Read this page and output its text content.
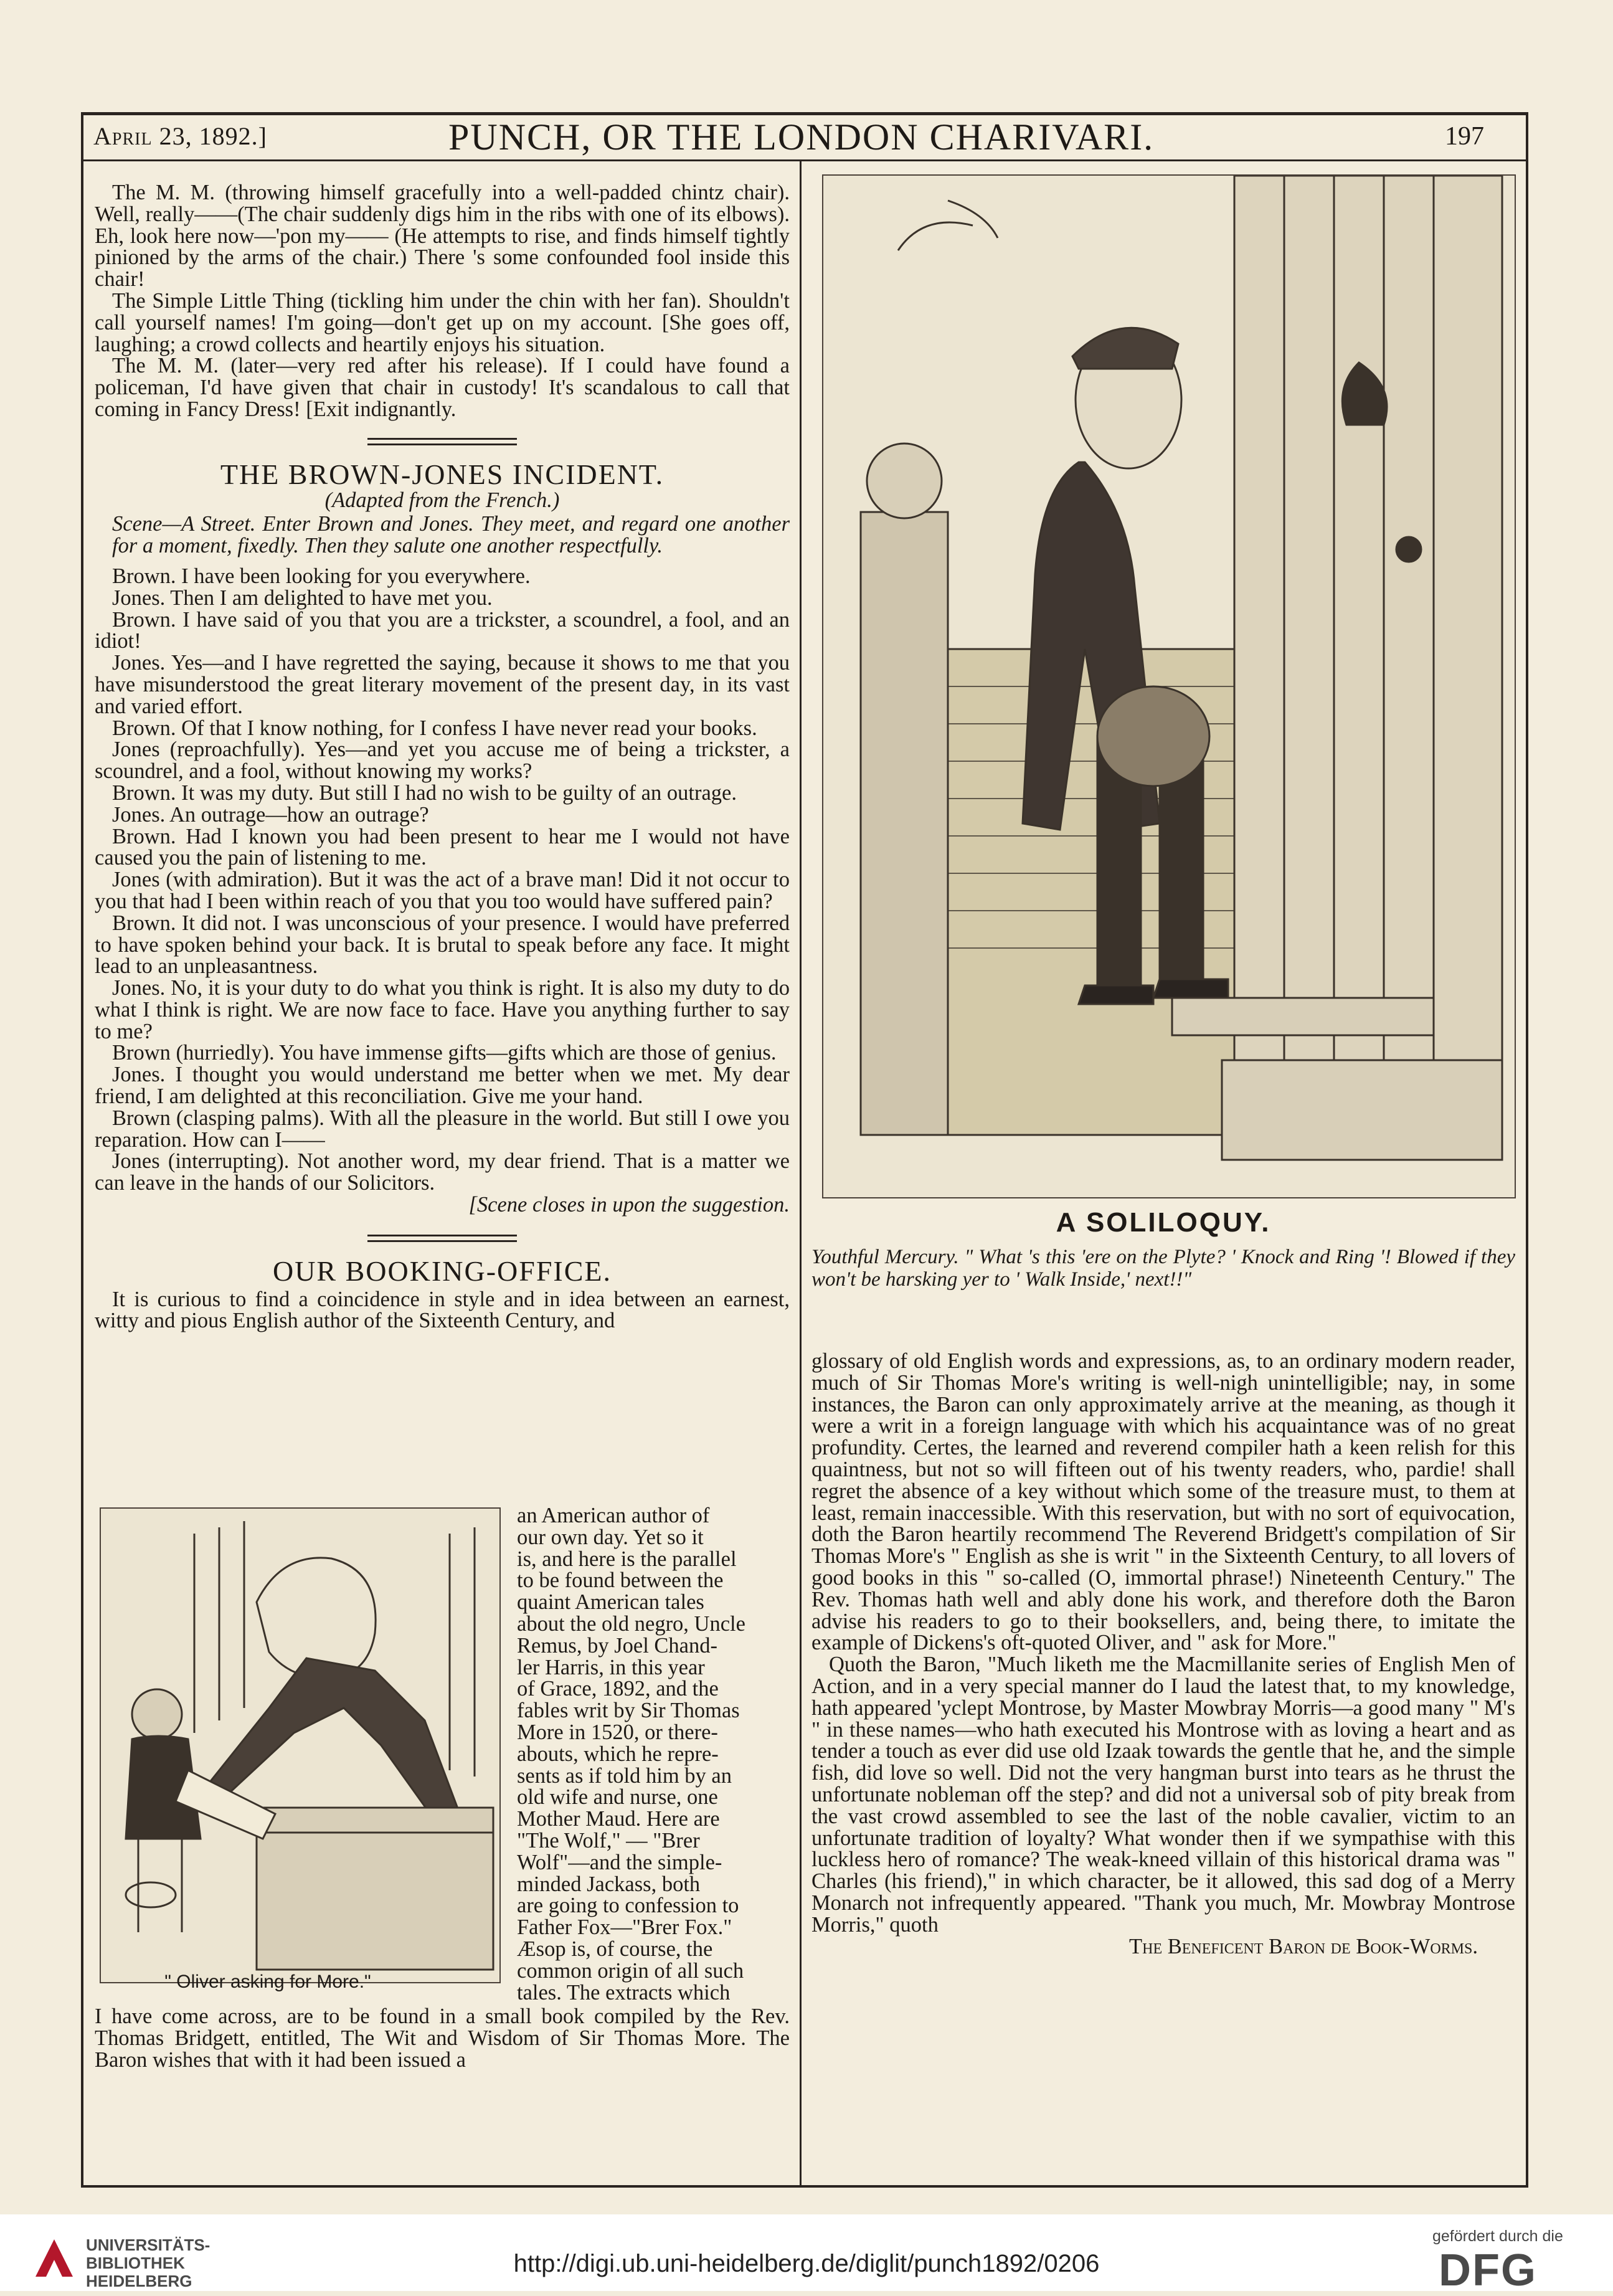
April 23, 1892.]	PUNCH, OR THE LONDON CHARIVARI.	197

The M. M. (throwing himself gracefully into a well-padded chintz chair). Well, really——(The chair suddenly digs him in the ribs with one of its elbows). Eh, look here now—'pon my—— (He attempts to rise, and finds himself tightly pinioned by the arms of the chair.) There 's some confounded fool inside this chair!

The Simple Little Thing (tickling him under the chin with her fan). Shouldn't call yourself names! I'm going—don't get up on my account. [She goes off, laughing; a crowd collects and heartily enjoys his situation.

The M. M. (later—very red after his release). If I could have found a policeman, I'd have given that chair in custody! It's scandalous to call that coming in Fancy Dress! [Exit indignantly.

THE BROWN-JONES INCIDENT.

(Adapted from the French.)

Scene—A Street. Enter Brown and Jones. They meet, and regard one another for a moment, fixedly. Then they salute one another respectfully.

Brown. I have been looking for you everywhere.

Jones. Then I am delighted to have met you.

Brown. I have said of you that you are a trickster, a scoundrel, a fool, and an idiot!

Jones. Yes—and I have regretted the saying, because it shows to me that you have misunderstood the great literary movement of the present day, in its vast and varied effort.

Brown. Of that I know nothing, for I confess I have never read your books.

Jones (reproachfully). Yes—and yet you accuse me of being a trickster, a scoundrel, and a fool, without knowing my works?

Brown. It was my duty. But still I had no wish to be guilty of an outrage.

Jones. An outrage—how an outrage?

Brown. Had I known you had been present to hear me I would not have caused you the pain of listening to me.

Jones (with admiration). But it was the act of a brave man! Did it not occur to you that had I been within reach of you that you too would have suffered pain?

Brown. It did not. I was unconscious of your presence. I would have preferred to have spoken behind your back. It is brutal to speak before any face. It might lead to an unpleasantness.

Jones. No, it is your duty to do what you think is right. It is also my duty to do what I think is right. We are now face to face. Have you anything further to say to me?

Brown (hurriedly). You have immense gifts—gifts which are those of genius.

Jones. I thought you would understand me better when we met. My dear friend, I am delighted at this reconciliation. Give me your hand.

Brown (clasping palms). With all the pleasure in the world. But still I owe you reparation. How can I——

Jones (interrupting). Not another word, my dear friend. That is a matter we can leave in the hands of our Solicitors.

[Scene closes in upon the suggestion.

OUR BOOKING-OFFICE.

It is curious to find a coincidence in style and in idea between an earnest, witty and pious English author of the Sixteenth Century, and

an American author of

our own day. Yet so it

is, and here is the parallel

to be found between the

quaint American tales

about the old negro, Uncle

Remus, by Joel Chand-

ler Harris, in this year

of Grace, 1892, and the

fables writ by Sir Thomas

More in 1520, or there-

abouts, which he repre-

sents as if told him by an

old wife and nurse, one

Mother Maud. Here are

"The Wolf," — "Brer

Wolf"—and the simple-

minded Jackass, both

are going to confession to

Father Fox—"Brer Fox."

Æsop is, of course, the

common origin of all such

tales. The extracts which

" Oliver asking for More."

I have come across, are to be found in a small book compiled by the Rev. Thomas Bridgett, entitled, The Wit and Wisdom of Sir Thomas More. The Baron wishes that with it had been issued a

A SOLILOQUY.
Youthful Mercury. " What 's this 'ere on the Plyte? ' Knock and Ring '! Blowed if they won't be harsking yer to ' Walk Inside,' next!!"

glossary of old English words and expressions, as, to an ordinary modern reader, much of Sir Thomas More's writing is well-nigh unintelligible; nay, in some instances, the Baron can only approximately arrive at the meaning, as though it were a writ in a foreign language with which his acquaintance was of no great profundity. Certes, the learned and reverend compiler hath a keen relish for this quaintness, but not so will fifteen out of his twenty readers, who, pardie! shall regret the absence of a key without which some of the treasure must, to them at least, remain inaccessible. With this reservation, but with no sort of equivocation, doth the Baron heartily recommend The Reverend Bridgett's compilation of Sir Thomas More's " English as she is writ " in the Sixteenth Century, to all lovers of good books in this " so-called (O, immortal phrase!) Nineteenth Century." The Rev. Thomas hath well and ably done his work, and therefore doth the Baron advise his readers to go to their booksellers, and, being there, to imitate the example of Dickens's oft-quoted Oliver, and " ask for More."

Quoth the Baron, "Much liketh me the Macmillanite series of English Men of Action, and in a very special manner do I laud the latest that, to my knowledge, hath appeared 'yclept Montrose, by Master Mowbray Morris—a good many " M's " in these names—who hath executed his Montrose with as loving a heart and as tender a touch as ever did use old Izaak towards the gentle that he, and the simple fish, did love so well. Did not the very hangman burst into tears as he thrust the unfortunate nobleman off the step? and did not a universal sob of pity break from the vast crowd assembled to see the last of the noble cavalier, victim to an unfortunate tradition of loyalty? What wonder then if we sympathise with this luckless hero of romance? The weak-kneed villain of this historical drama was " Charles (his friend)," in which character, be it allowed, this sad dog of a Merry Monarch not infrequently appeared. "Thank you much, Mr. Mowbray Montrose Morris," quoth

The Beneficent Baron de Book-Worms.

UNIVERSITÄTS-
BIBLIOTHEK
HEIDELBERG
http://digi.ub.uni-heidelberg.de/diglit/punch1892/0206
gefördert durch die
DFG
